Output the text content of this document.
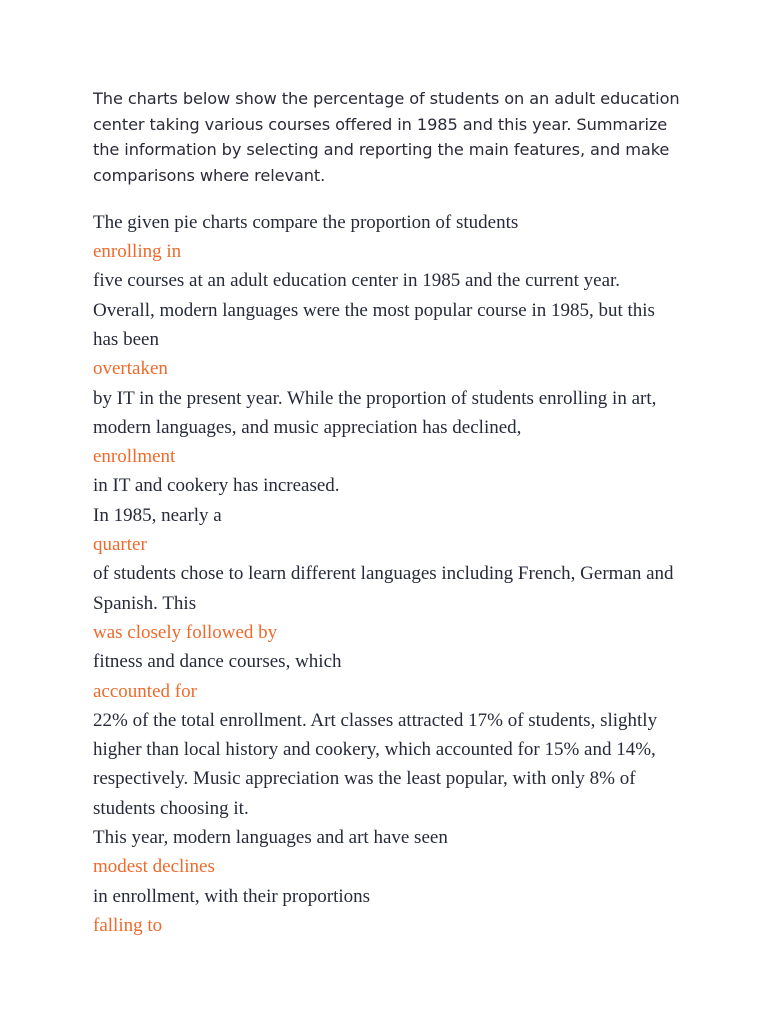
The charts below show the percentage of students on an adult education center taking various courses offered in 1985 and this year. Summarize the information by selecting and reporting the main features, and make comparisons where relevant.

The given pie charts compare the proportion of students

enrolling in

five courses at an adult education center in 1985 and the current year. Overall, modern languages were the most popular course in 1985, but this has been

overtaken

by IT in the present year. While the proportion of students enrolling in art, modern languages, and music appreciation has declined,

enrollment

in IT and cookery has increased.

In 1985, nearly a

quarter

of students chose to learn different languages including French, German and Spanish. This

was closely followed by

fitness and dance courses, which

accounted for

22% of the total enrollment. Art classes attracted 17% of students, slightly higher than local history and cookery, which accounted for 15% and 14%, respectively. Music appreciation was the least popular, with only 8% of students choosing it.

This year, modern languages and art have seen

modest declines

in enrollment, with their proportions

falling to
